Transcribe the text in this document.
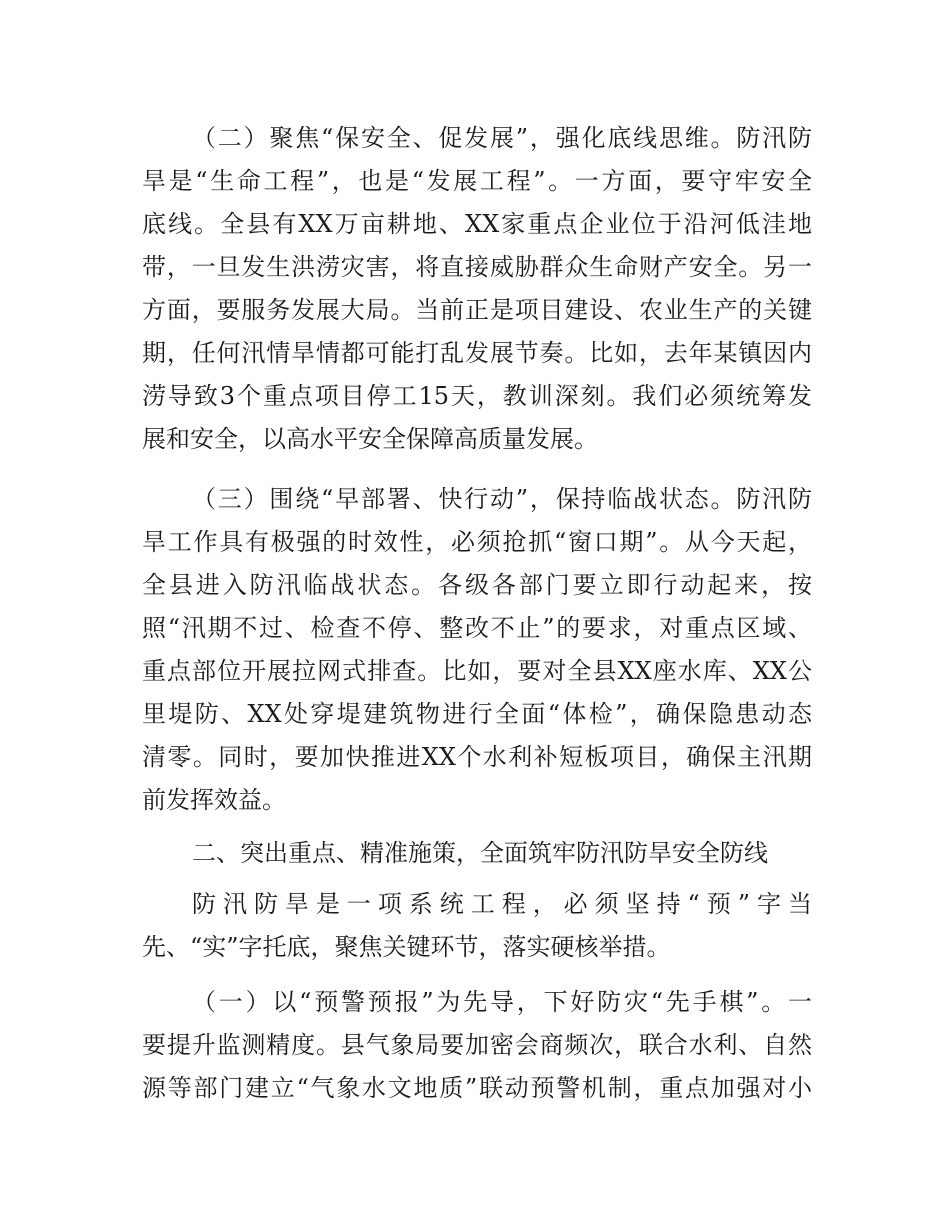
（二）聚焦“保安全、促发展”，强化底线思维。防汛防
旱是“生命工程”，也是“发展工程”。一方面，要守牢安全
底线。全县有XX万亩耕地、XX家重点企业位于沿河低洼地
带，一旦发生洪涝灾害，将直接威胁群众生命财产安全。另一
方面，要服务发展大局。当前正是项目建设、农业生产的关键
期，任何汛情旱情都可能打乱发展节奏。比如，去年某镇因内
涝导致3个重点项目停工15天，教训深刻。我们必须统筹发
展和安全，以高水平安全保障高质量发展。
（三）围绕“早部署、快行动”，保持临战状态。防汛防
旱工作具有极强的时效性，必须抢抓“窗口期”。从今天起，
全县进入防汛临战状态。各级各部门要立即行动起来，按
照“汛期不过、检查不停、整改不止”的要求，对重点区域、
重点部位开展拉网式排查。比如，要对全县XX座水库、XX公
里堤防、XX处穿堤建筑物进行全面“体检”，确保隐患动态
清零。同时，要加快推进XX个水利补短板项目，确保主汛期
前发挥效益。
二、突出重点、精准施策，全面筑牢防汛防旱安全防线
防汛防旱是一项系统工程，必须坚持“预”字当
先、“实”字托底，聚焦关键环节，落实硬核举措。
（一）以“预警预报”为先导，下好防灾“先手棋”。一
要提升监测精度。县气象局要加密会商频次，联合水利、自然
源等部门建立“气象水文地质”联动预警机制，重点加强对小
